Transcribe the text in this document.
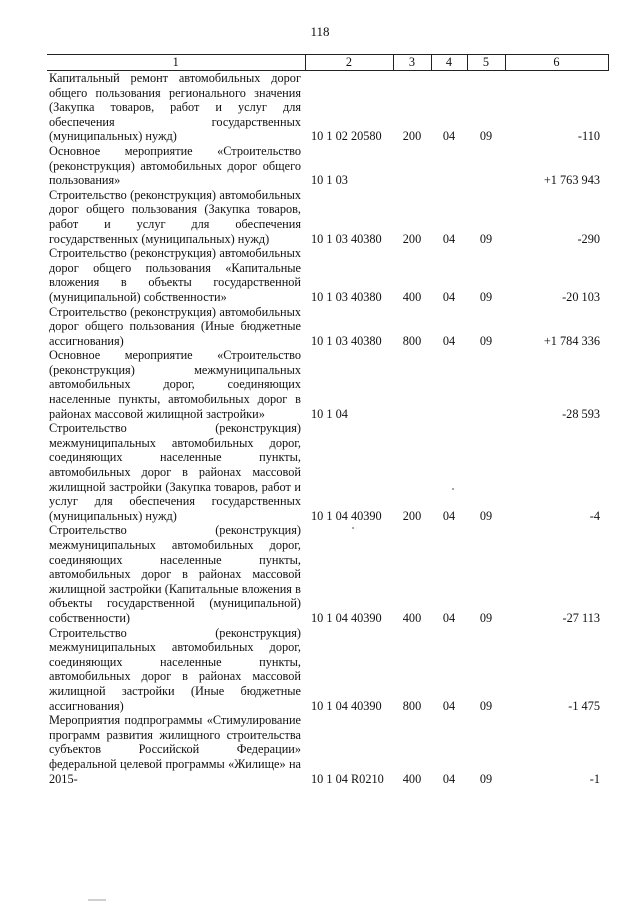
118
1	2	3	4	5	6
Капитальный ремонт автомобильных дорог общего пользования регионального значения (Закупка товаров, работ и услуг для обеспечения государственных (муниципальных) нужд)	10 1 02 20580	200	04	09	-110
Основное мероприятие «Строительство (реконструкция) автомобильных дорог общего пользования»	10 1 03				+1 763 943
Строительство (реконструкция) автомобильных дорог общего пользования (Закупка товаров, работ и услуг для обеспечения государственных (муниципальных) нужд)	10 1 03 40380	200	04	09	-290
Строительство (реконструкция) автомобильных дорог общего пользования «Капитальные вложения в объекты государственной (муниципальной) собственности»	10 1 03 40380	400	04	09	-20 103
Строительство (реконструкция) автомобильных дорог общего пользования (Иные бюджетные ассигнования)	10 1 03 40380	800	04	09	+1 784 336
Основное мероприятие «Строительство (реконструкция) межмуниципальных автомобильных дорог, соединяющих населенные пункты, автомобильных дорог в районах массовой жилищной застройки»	10 1 04				-28 593
Строительство (реконструкция) межмуниципальных автомобильных дорог, соединяющих населенные пункты, автомобильных дорог в районах массовой жилищной застройки (Закупка товаров, работ и услуг для обеспечения государственных (муниципальных) нужд)	10 1 04 40390	200	04	09	-4
Строительство (реконструкция) межмуниципальных автомобильных дорог, соединяющих населенные пункты, автомобильных дорог в районах массовой жилищной застройки (Капитальные вложения в объекты государственной (муниципальной) собственности)	10 1 04 40390	400	04	09	-27 113
Строительство (реконструкция) межмуниципальных автомобильных дорог, соединяющих населенные пункты, автомобильных дорог в районах массовой жилищной застройки (Иные бюджетные ассигнования)	10 1 04 40390	800	04	09	-1 475
Мероприятия подпрограммы «Стимулирование программ развития жилищного строительства субъектов Российской Федерации» федеральной целевой программы «Жилище» на 2015-	10 1 04 R0210	400	04	09	-1
